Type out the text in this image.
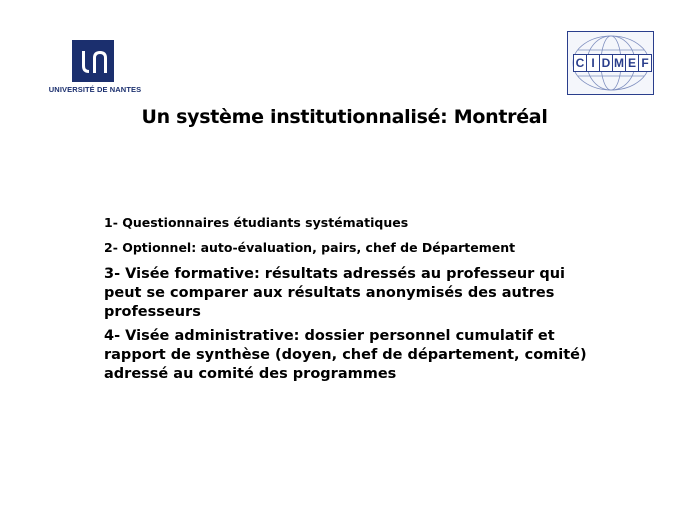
UNIVERSITÉ DE NANTES
C I D M E F
Un système institutionnalisé: Montréal
1- Questionnaires étudiants systématiques
2- Optionnel: auto-évaluation, pairs, chef de Département
3- Visée formative: résultats adressés au professeur qui peut se comparer aux résultats anonymisés des autres professeurs
4- Visée administrative: dossier personnel cumulatif et rapport de synthèse (doyen, chef de département, comité) adressé au comité des programmes
